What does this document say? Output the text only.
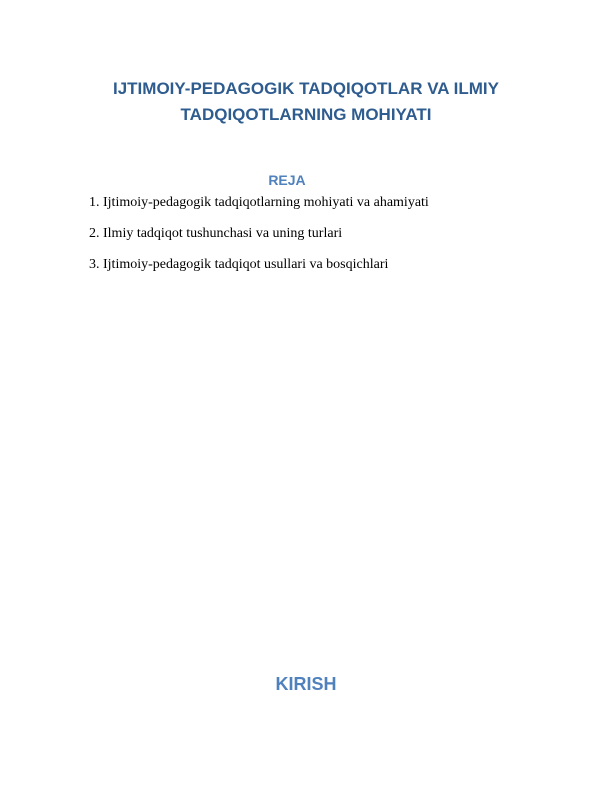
IJTIMOIY-PEDAGOGIK TADQIQOTLAR VA ILMIY TADQIQOTLARNING MOHIYATI
REJA
1. Ijtimoiy-pedagogik tadqiqotlarning mohiyati va ahamiyati
2. Ilmiy tadqiqot tushunchasi va uning turlari
3. Ijtimoiy-pedagogik tadqiqot usullari va bosqichlari
KIRISH
